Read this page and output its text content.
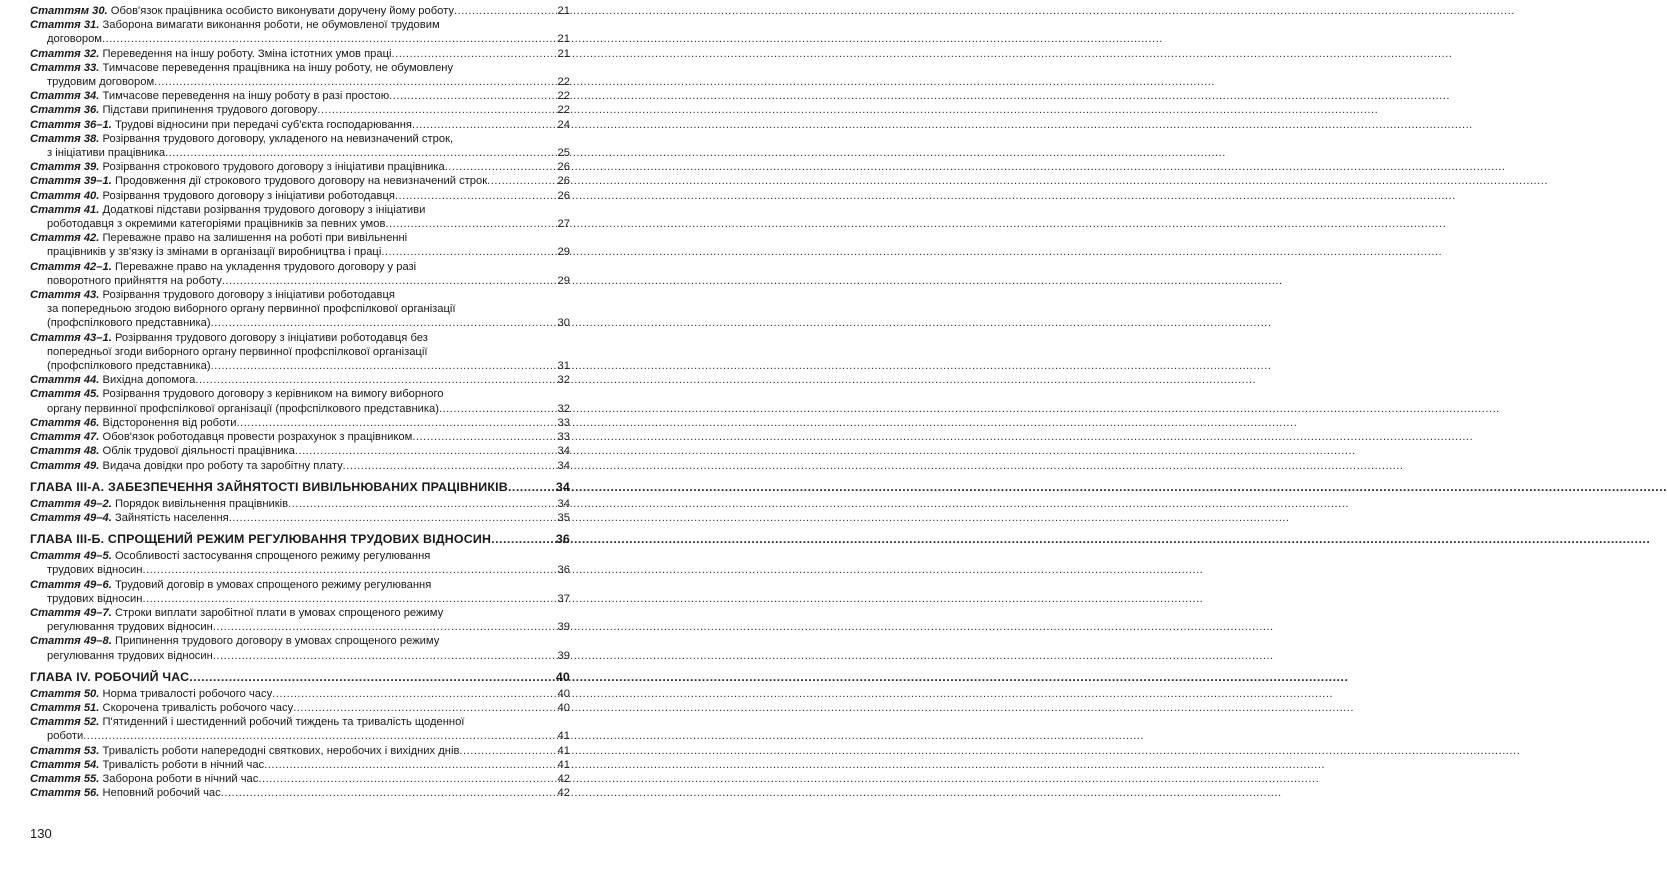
Статтям 30. Обов'язок працівника особисто виконувати доручену йому роботу .....	21
Стаття 31. Заборона вимагати виконання роботи, не обумовленої трудовим
договором .....	21
Стаття 32. Переведення на іншу роботу. Зміна істотних умов праці .....	21
Стаття 33. Тимчасове переведення працівника на іншу роботу, не обумовлену
трудовим договором .....	22
Стаття 34. Тимчасове переведення на іншу роботу в разі простою .....	22
Стаття 36. Підстави припинення трудового договору .....	22
Стаття 36–1. Трудові відносини при передачі суб'єкта господарювання .....	24
Стаття 38. Розірвання трудового договору, укладеного на невизначений строк,
з ініціативи працівника .....	25
Стаття 39. Розірвання строкового трудового договору з ініціативи працівника .....	26
Стаття 39–1. Продовження дії строкового трудового договору на невизначений строк .....	26
Стаття 40. Розірвання трудового договору з ініціативи роботодавця .....	26
Стаття 41. Додаткові підстави розірвання трудового договору з ініціативи
роботодавця з окремими категоріями працівників за певних умов .....	27
Стаття 42. Переважне право на залишення на роботі при вивільненні
працівників у зв'язку із змінами в організації виробництва і праці .....	29
Стаття 42–1. Переважне право на укладення трудового договору у разі
поворотного прийняття на роботу .....	29
Стаття 43. Розірвання трудового договору з ініціативи роботодавця
за попередньою згодою виборного органу первинної профспілкової організації
(профспілкового представника) .....	30
Стаття 43–1. Розірвання трудового договору з ініціативи роботодавця без
попередньої згоди виборного органу первинної профспілкової організації
(профспілкового представника) .....	31
Стаття 44. Вихідна допомога .....	32
Стаття 45. Розірвання трудового договору з керівником на вимогу виборного
органу первинної профспілкової організації (профспілкового представника) .....	32
Стаття 46. Відсторонення від роботи .....	33
Стаття 47. Обов'язок роботодавця провести розрахунок з працівником .....	33
Стаття 48. Облік трудової діяльності працівника .....	34
Стаття 49. Видача довідки про роботу та заробітну плату .....	34
ГЛАВА III-А. ЗАБЕЗПЕЧЕННЯ ЗАЙНЯТОСТІ ВИВІЛЬНЮВАНИХ ПРАЦІВНИКІВ .....	34
Стаття 49–2. Порядок вивільнення працівників .....	34
Стаття 49–4. Зайнятість населення .....	35
ГЛАВА III-Б. СПРОЩЕНИЙ РЕЖИМ РЕГУЛЮВАННЯ ТРУДОВИХ ВІДНОСИН .....	36
Стаття 49–5. Особливості застосування спрощеного режиму регулювання
трудових відносин .....	36
Стаття 49–6. Трудовий договір в умовах спрощеного режиму регулювання
трудових відносин .....	37
Стаття 49–7. Строки виплати заробітної плати в умовах спрощеного режиму
регулювання трудових відносин .....	39
Стаття 49–8. Припинення трудового договору в умовах спрощеного режиму
регулювання трудових відносин .....	39
ГЛАВА IV. РОБОЧИЙ ЧАС .....	40
Стаття 50. Норма тривалості робочого часу .....	40
Стаття 51. Скорочена тривалість робочого часу .....	40
Стаття 52. П'ятиденний і шестиденний робочий тиждень та тривалість щоденної
роботи .....	41
Стаття 53. Тривалість роботи напередодні святкових, неробочих і вихідних днів .....	41
Стаття 54. Тривалість роботи в нічний час .....	41
Стаття 55. Заборона роботи в нічний час .....	42
Стаття 56. Неповний робочий час .....	42
130
